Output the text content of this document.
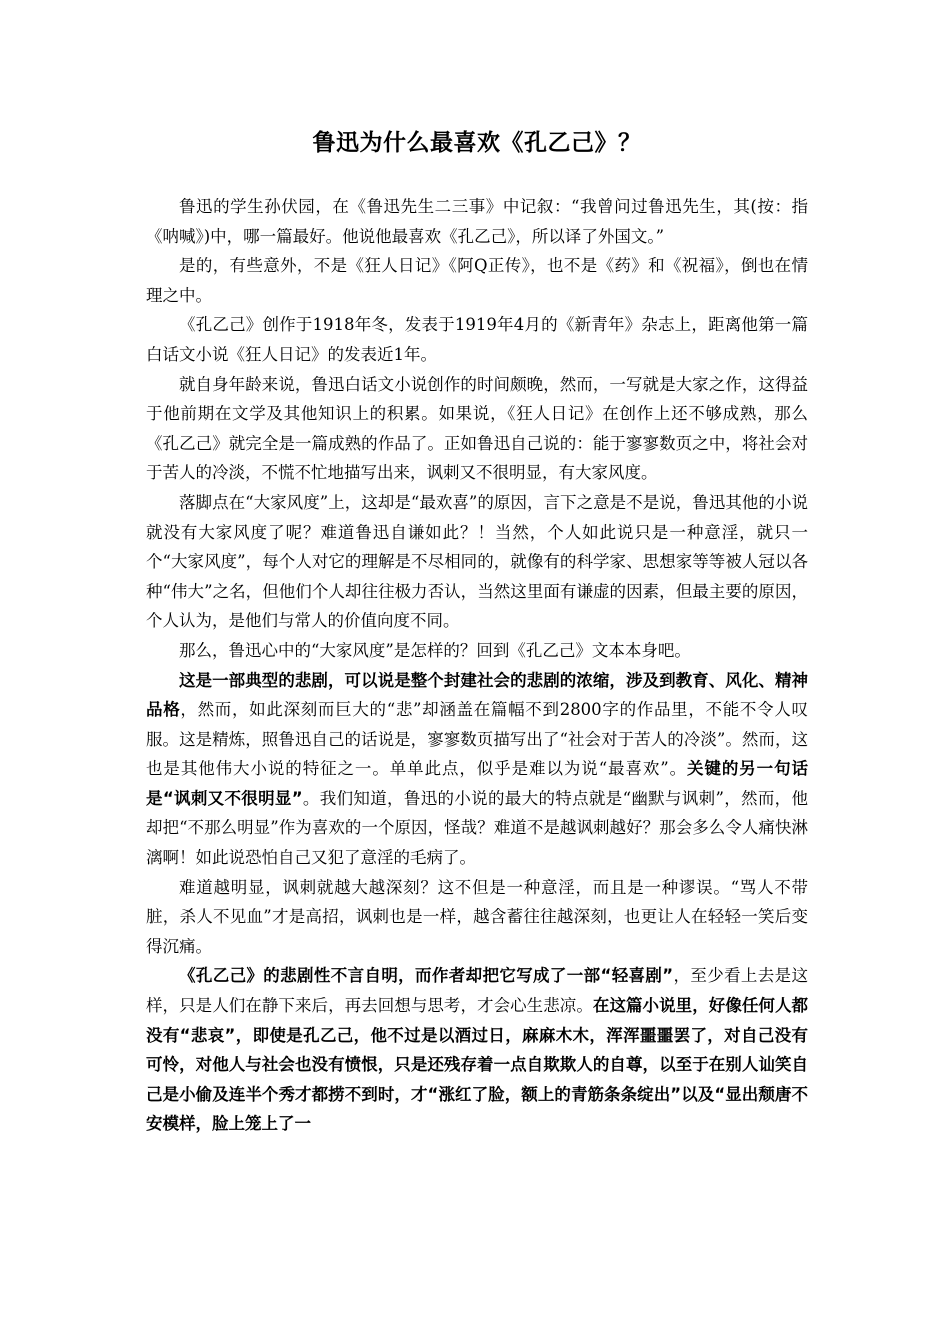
鲁迅为什么最喜欢《孔乙己》？

鲁迅的学生孙伏园，在《鲁迅先生二三事》中记叙：“我曾问过鲁迅先生，其(按：指《呐喊》)中，哪一篇最好。他说他最喜欢《孔乙己》，所以译了外国文。”

是的，有些意外，不是《狂人日记》《阿Q正传》，也不是《药》和《祝福》，倒也在情理之中。

《孔乙己》创作于1918年冬，发表于1919年4月的《新青年》杂志上，距离他第一篇白话文小说《狂人日记》的发表近1年。

就自身年龄来说，鲁迅白话文小说创作的时间颇晚，然而，一写就是大家之作，这得益于他前期在文学及其他知识上的积累。如果说，《狂人日记》在创作上还不够成熟，那么《孔乙己》就完全是一篇成熟的作品了。正如鲁迅自己说的：能于寥寥数页之中，将社会对于苦人的冷淡，不慌不忙地描写出来，讽刺又不很明显，有大家风度。

落脚点在“大家风度”上，这却是“最欢喜”的原因，言下之意是不是说，鲁迅其他的小说就没有大家风度了呢？难道鲁迅自谦如此？！当然，个人如此说只是一种意淫，就只一个“大家风度”，每个人对它的理解是不尽相同的，就像有的科学家、思想家等等被人冠以各种“伟大”之名，但他们个人却往往极力否认，当然这里面有谦虚的因素，但最主要的原因，个人认为，是他们与常人的价值向度不同。

那么，鲁迅心中的“大家风度”是怎样的？回到《孔乙己》文本本身吧。

这是一部典型的悲剧，可以说是整个封建社会的悲剧的浓缩，涉及到教育、风化、精神品格，然而，如此深刻而巨大的“悲”却涵盖在篇幅不到2800字的作品里，不能不令人叹服。这是精炼，照鲁迅自己的话说是，寥寥数页描写出了“社会对于苦人的冷淡”。然而，这也是其他伟大小说的特征之一。单单此点，似乎是难以为说“最喜欢”。关键的另一句话是“讽刺又不很明显”。我们知道，鲁迅的小说的最大的特点就是“幽默与讽刺”，然而，他却把“不那么明显”作为喜欢的一个原因，怪哉？难道不是越讽刺越好？那会多么令人痛快淋漓啊！如此说恐怕自己又犯了意淫的毛病了。

难道越明显，讽刺就越大越深刻？这不但是一种意淫，而且是一种谬误。“骂人不带脏，杀人不见血”才是高招，讽刺也是一样，越含蓄往往越深刻，也更让人在轻轻一笑后变得沉痛。

《孔乙己》的悲剧性不言自明，而作者却把它写成了一部“轻喜剧”，至少看上去是这样，只是人们在静下来后，再去回想与思考，才会心生悲凉。在这篇小说里，好像任何人都没有“悲哀”，即使是孔乙己，他不过是以酒过日，麻麻木木，浑浑噩噩罢了，对自己没有可怜，对他人与社会也没有愤恨，只是还残存着一点自欺欺人的自尊，以至于在别人讪笑自己是小偷及连半个秀才都捞不到时，才“涨红了脸，额上的青筋条条绽出”以及“显出颓唐不安模样，脸上笼上了一
